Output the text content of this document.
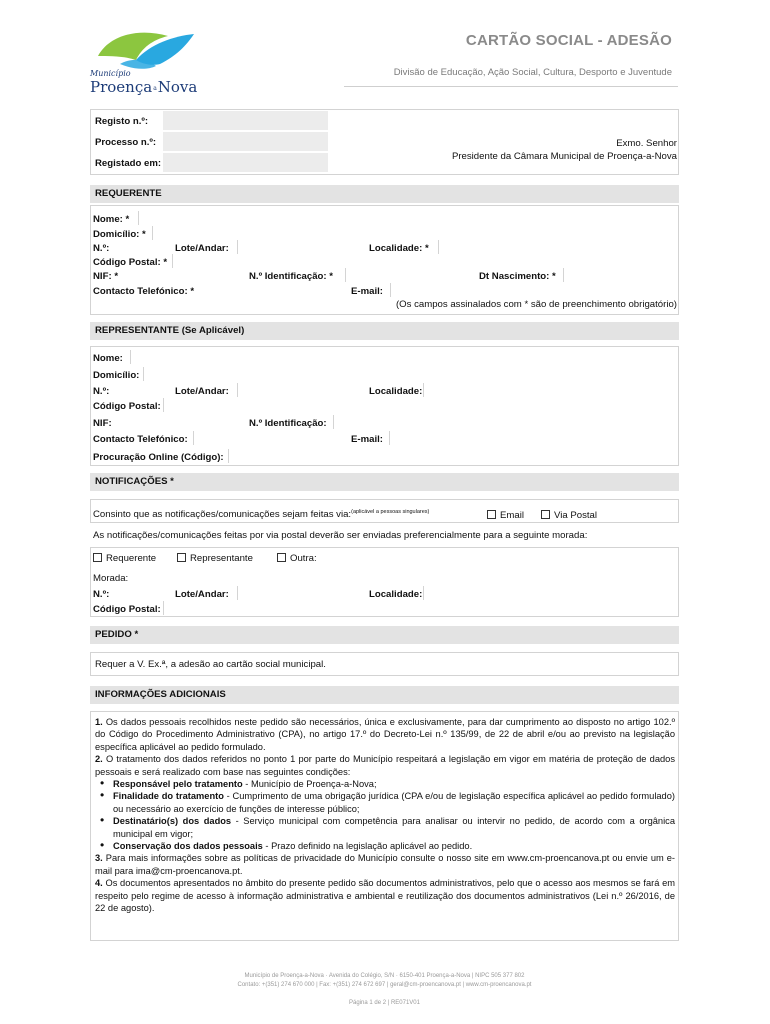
Município
ProençaaNova
CARTÃO SOCIAL - ADESÃO
Divisão de Educação, Ação Social, Cultura, Desporto e Juventude
Registo n.º:
Processo n.º:
Registado em:
Exmo. Senhor
Presidente da Câmara Municipal de Proença-a-Nova
REQUERENTE
Nome: *
Domicílio: *
N.º:	Lote/Andar:	Localidade: *
Código Postal: *
NIF: *	N.º Identificação: *	Dt Nascimento: *
Contacto Telefónico: *	E-mail:
(Os campos assinalados com * são de preenchimento obrigatório)
REPRESENTANTE (Se Aplicável)
Nome:
Domicílio:
N.º:	Lote/Andar:	Localidade:
Código Postal:
NIF:	N.º Identificação:
Contacto Telefónico:	E-mail:
Procuração Online (Código):
NOTIFICAÇÕES *
Consinto que as notificações/comunicações sejam feitas via:$^{(aplicável a pessoas singulares)}$	Email	Via Postal
As notificações/comunicações feitas por via postal deverão ser enviadas preferencialmente para a seguinte morada:
Requerente	Representante	Outra:
Morada:
N.º:	Lote/Andar:	Localidade:
Código Postal:
PEDIDO *
Requer a V. Ex.ª, a adesão ao cartão social municipal.
INFORMAÇÕES ADICIONAIS

1. Os dados pessoais recolhidos neste pedido são necessários, única e exclusivamente, para dar cumprimento ao disposto no artigo 102.º do Código do Procedimento Administrativo (CPA), no artigo 17.º do Decreto-Lei n.º 135/99, de 22 de abril e/ou ao previsto na legislação específica aplicável ao pedido formulado.

2. O tratamento dos dados referidos no ponto 1 por parte do Município respeitará a legislação em vigor em matéria de proteção de dados pessoais e será realizado com base nas seguintes condições:

• Responsável pelo tratamento - Município de Proença-a-Nova;
• Finalidade do tratamento - Cumprimento de uma obrigação jurídica (CPA e/ou de legislação específica aplicável ao pedido formulado) ou necessário ao exercício de funções de interesse público;
• Destinatário(s) dos dados - Serviço municipal com competência para analisar ou intervir no pedido, de acordo com a orgânica municipal em vigor;
• Conservação dos dados pessoais - Prazo definido na legislação aplicável ao pedido.

3. Para mais informações sobre as políticas de privacidade do Município consulte o nosso site em www.cm-proencanova.pt ou envie um e-mail para ima@cm-proencanova.pt.

4. Os documentos apresentados no âmbito do presente pedido são documentos administrativos, pelo que o acesso aos mesmos se fará em respeito pelo regime de acesso à informação administrativa e ambiental e reutilização dos documentos administrativos (Lei n.º 26/2016, de 22 de agosto).

Município de Proença-a-Nova · Avenida do Colégio, S/N · 6150-401 Proença-a-Nova | NIPC 505 377 802
Contato: +(351) 274 670 000 | Fax: +(351) 274 672 697 | geral@cm-proencanova.pt | www.cm-proencanova.pt
Página 1 de 2 | RE071V01
